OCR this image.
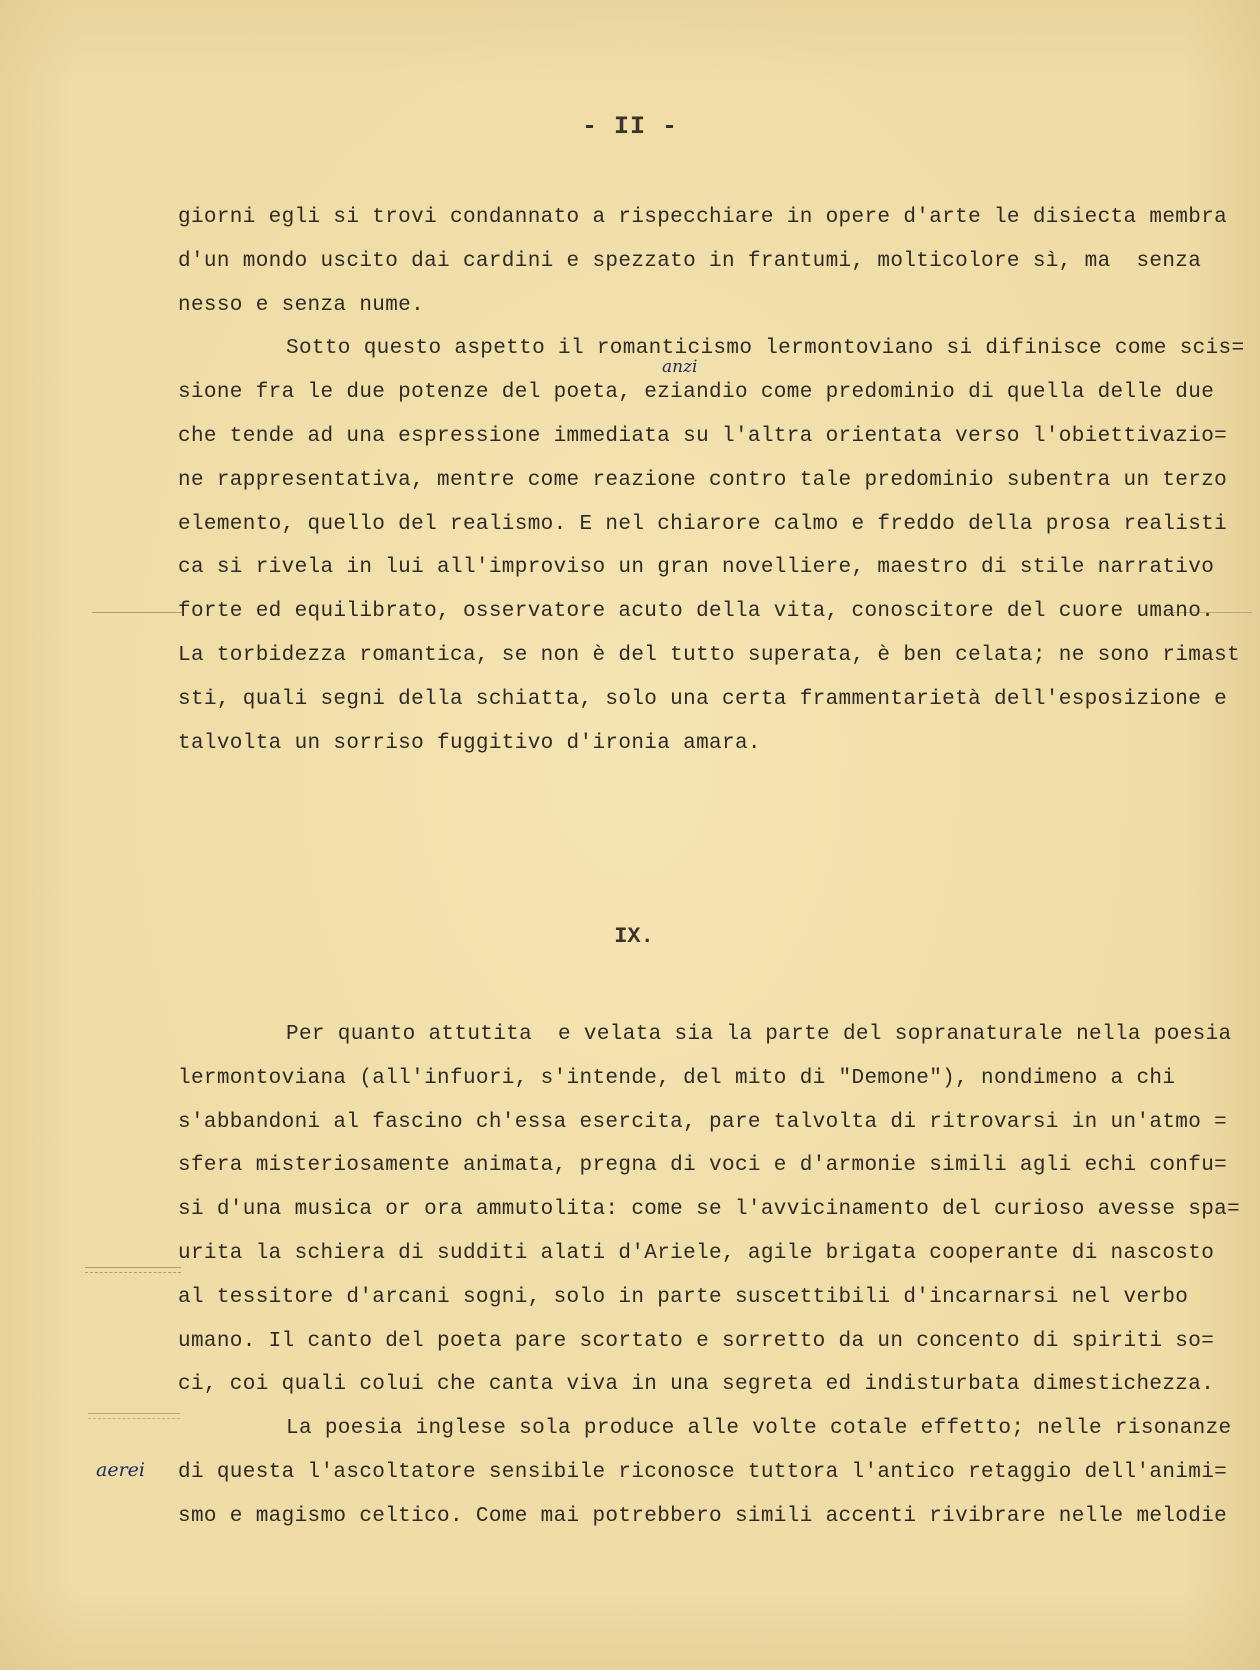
- II -
giorni egli si trovi condannato a rispecchiare in opere d'arte le disiecta membra
d'un mondo uscito dai cardini e spezzato in frantumi, molticolore sì, ma  senza
nesso e senza nume.
Sotto questo aspetto il romanticismo lermontoviano si difinisce come scis=
sione fra le due potenze del poeta, eziandio come predominio di quella delle due
che tende ad una espressione immediata su l'altra orientata verso l'obiettivazio=
ne rappresentativa, mentre come reazione contro tale predominio subentra un terzo
elemento, quello del realismo. E nel chiarore calmo e freddo della prosa realisti
ca si rivela in lui all'improviso un gran novelliere, maestro di stile narrativo
forte ed equilibrato, osservatore acuto della vita, conoscitore del cuore umano.
La torbidezza romantica, se non è del tutto superata, è ben celata; ne sono rimast
sti, quali segni della schiatta, solo una certa frammentarietà dell'esposizione e
talvolta un sorriso fuggitivo d'ironia amara.
anzi
IX.
Per quanto attutita  e velata sia la parte del sopranaturale nella poesia
lermontoviana (all'infuori, s'intende, del mito di "Demone"), nondimeno a chi
s'abbandoni al fascino ch'essa esercita, pare talvolta di ritrovarsi in un'atmo =
sfera misteriosamente animata, pregna di voci e d'armonie simili agli echi confu=
si d'una musica or ora ammutolita: come se l'avvicinamento del curioso avesse spa=
urita la schiera di sudditi alati d'Ariele, agile brigata cooperante di nascosto
al tessitore d'arcani sogni, solo in parte suscettibili d'incarnarsi nel verbo
umano. Il canto del poeta pare scortato e sorretto da un concento di spiriti so=
ci, coi quali colui che canta viva in una segreta ed indisturbata dimestichezza.
La poesia inglese sola produce alle volte cotale effetto; nelle risonanze
di questa l'ascoltatore sensibile riconosce tuttora l'antico retaggio dell'animi=
smo e magismo celtico. Come mai potrebbero simili accenti rivibrare nelle melodie
aerei
